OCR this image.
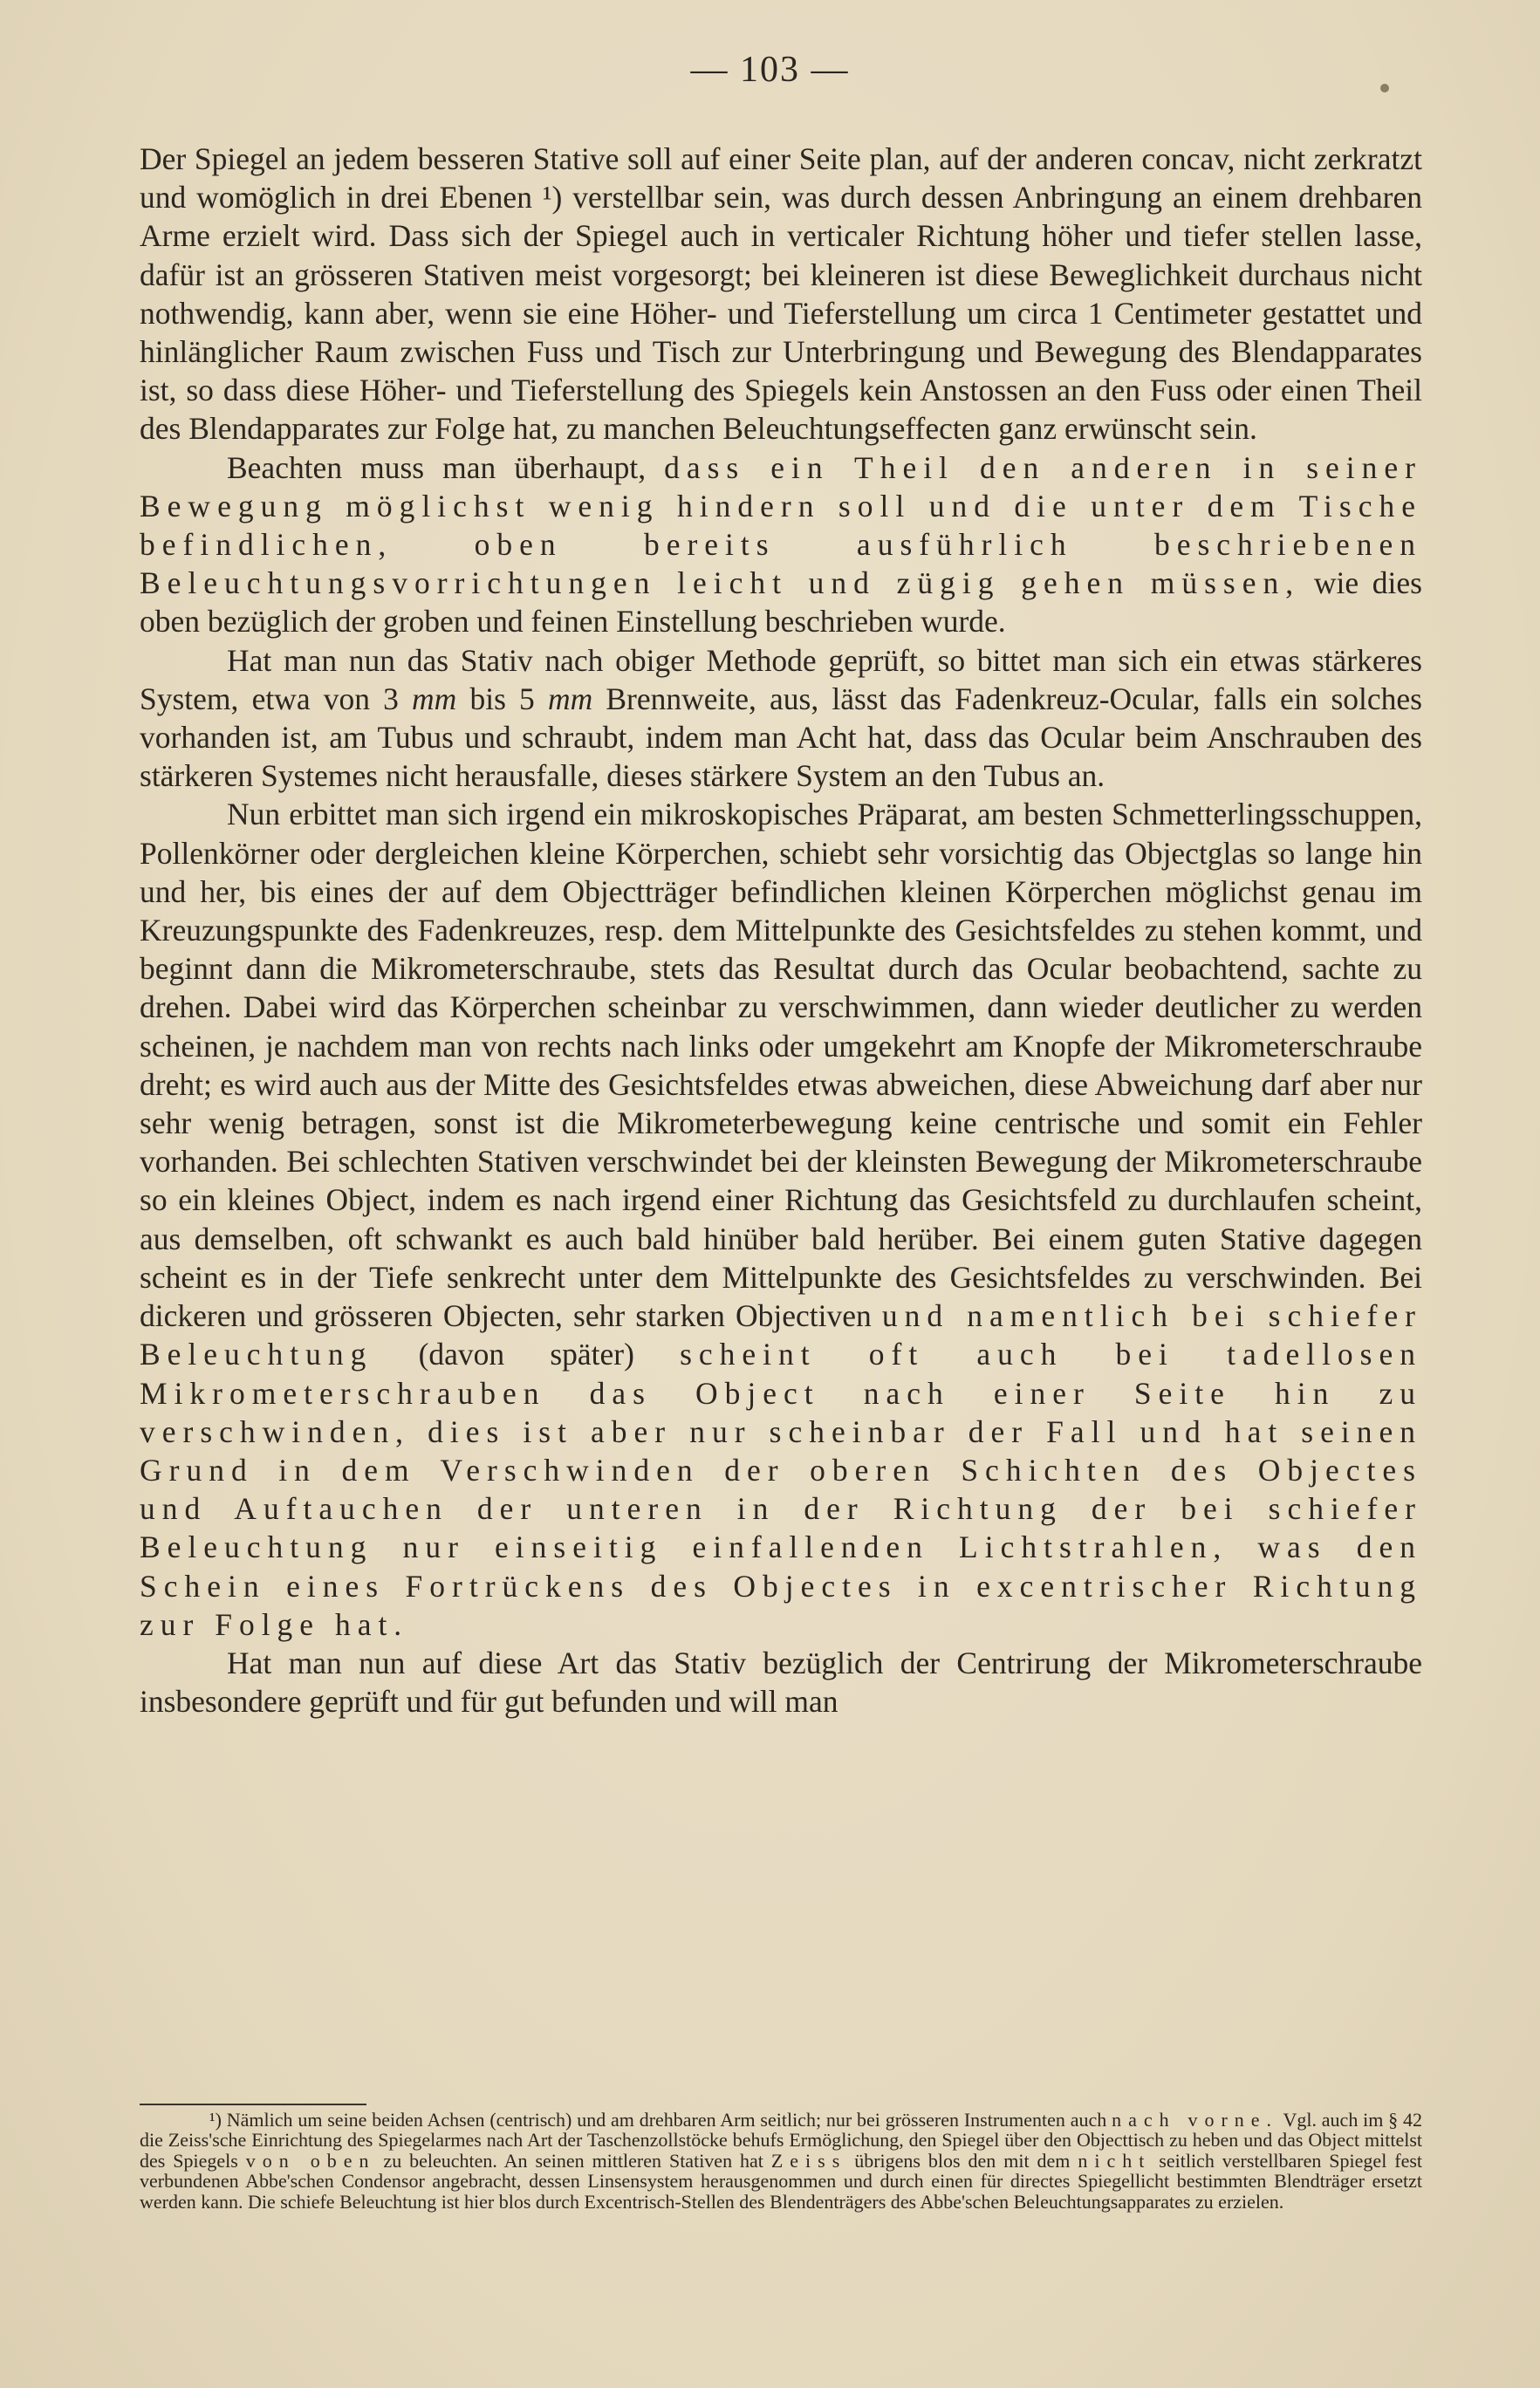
— 103 —

Der Spiegel an jedem besseren Stative soll auf einer Seite plan, auf der anderen concav, nicht zerkratzt und womöglich in drei Ebenen ¹) verstellbar sein, was durch dessen Anbringung an einem drehbaren Arme erzielt wird. Dass sich der Spiegel auch in verticaler Richtung höher und tiefer stellen lasse, dafür ist an grösseren Stativen meist vorgesorgt; bei kleineren ist diese Beweglichkeit durchaus nicht nothwendig, kann aber, wenn sie eine Höher- und Tieferstellung um circa 1 Centimeter gestattet und hinlänglicher Raum zwischen Fuss und Tisch zur Unterbringung und Bewegung des Blendapparates ist, so dass diese Höher- und Tieferstellung des Spiegels kein Anstossen an den Fuss oder einen Theil des Blendapparates zur Folge hat, zu manchen Beleuchtungseffecten ganz erwünscht sein.

Beachten muss man überhaupt, dass ein Theil den anderen in seiner Bewegung möglichst wenig hindern soll und die unter dem Tische befindlichen, oben bereits ausführlich beschriebenen Beleuchtungsvorrichtungen leicht und zügig gehen müssen, wie dies oben bezüglich der groben und feinen Einstellung beschrieben wurde.

Hat man nun das Stativ nach obiger Methode geprüft, so bittet man sich ein etwas stärkeres System, etwa von 3 mm bis 5 mm Brennweite, aus, lässt das Fadenkreuz-Ocular, falls ein solches vorhanden ist, am Tubus und schraubt, indem man Acht hat, dass das Ocular beim Anschrauben des stärkeren Systemes nicht herausfalle, dieses stärkere System an den Tubus an.

Nun erbittet man sich irgend ein mikroskopisches Präparat, am besten Schmetterlingsschuppen, Pollenkörner oder dergleichen kleine Körperchen, schiebt sehr vorsichtig das Objectglas so lange hin und her, bis eines der auf dem Objectträger befindlichen kleinen Körperchen möglichst genau im Kreuzungspunkte des Fadenkreuzes, resp. dem Mittelpunkte des Gesichtsfeldes zu stehen kommt, und beginnt dann die Mikrometerschraube, stets das Resultat durch das Ocular beobachtend, sachte zu drehen. Dabei wird das Körperchen scheinbar zu verschwimmen, dann wieder deutlicher zu werden scheinen, je nachdem man von rechts nach links oder umgekehrt am Knopfe der Mikrometerschraube dreht; es wird auch aus der Mitte des Gesichtsfeldes etwas abweichen, diese Abweichung darf aber nur sehr wenig betragen, sonst ist die Mikrometerbewegung keine centrische und somit ein Fehler vorhanden. Bei schlechten Stativen verschwindet bei der kleinsten Bewegung der Mikrometerschraube so ein kleines Object, indem es nach irgend einer Richtung das Gesichtsfeld zu durchlaufen scheint, aus demselben, oft schwankt es auch bald hinüber bald herüber. Bei einem guten Stative dagegen scheint es in der Tiefe senkrecht unter dem Mittelpunkte des Gesichtsfeldes zu verschwinden. Bei dickeren und grösseren Objecten, sehr starken Objectiven und namentlich bei schiefer Beleuchtung (davon später) scheint oft auch bei tadellosen Mikrometerschrauben das Object nach einer Seite hin zu verschwinden, dies ist aber nur scheinbar der Fall und hat seinen Grund in dem Verschwinden der oberen Schichten des Objectes und Auftauchen der unteren in der Richtung der bei schiefer Beleuchtung nur einseitig einfallenden Lichtstrahlen, was den Schein eines Fortrückens des Objectes in excentrischer Richtung zur Folge hat.

Hat man nun auf diese Art das Stativ bezüglich der Centrirung der Mikrometerschraube insbesondere geprüft und für gut befunden und will man

¹) Nämlich um seine beiden Achsen (centrisch) und am drehbaren Arm seitlich; nur bei grösseren Instrumenten auch nach vorne. Vgl. auch im § 42 die Zeiss'sche Einrichtung des Spiegelarmes nach Art der Taschenzollstöcke behufs Ermöglichung, den Spiegel über den Objecttisch zu heben und das Object mittelst des Spiegels von oben zu beleuchten. An seinen mittleren Stativen hat Zeiss übrigens blos den mit dem nicht seitlich verstellbaren Spiegel fest verbundenen Abbe'schen Condensor angebracht, dessen Linsensystem herausgenommen und durch einen für directes Spiegellicht bestimmten Blendträger ersetzt werden kann. Die schiefe Beleuchtung ist hier blos durch Excentrisch-Stellen des Blendenträgers des Abbe'schen Beleuchtungsapparates zu erzielen.
